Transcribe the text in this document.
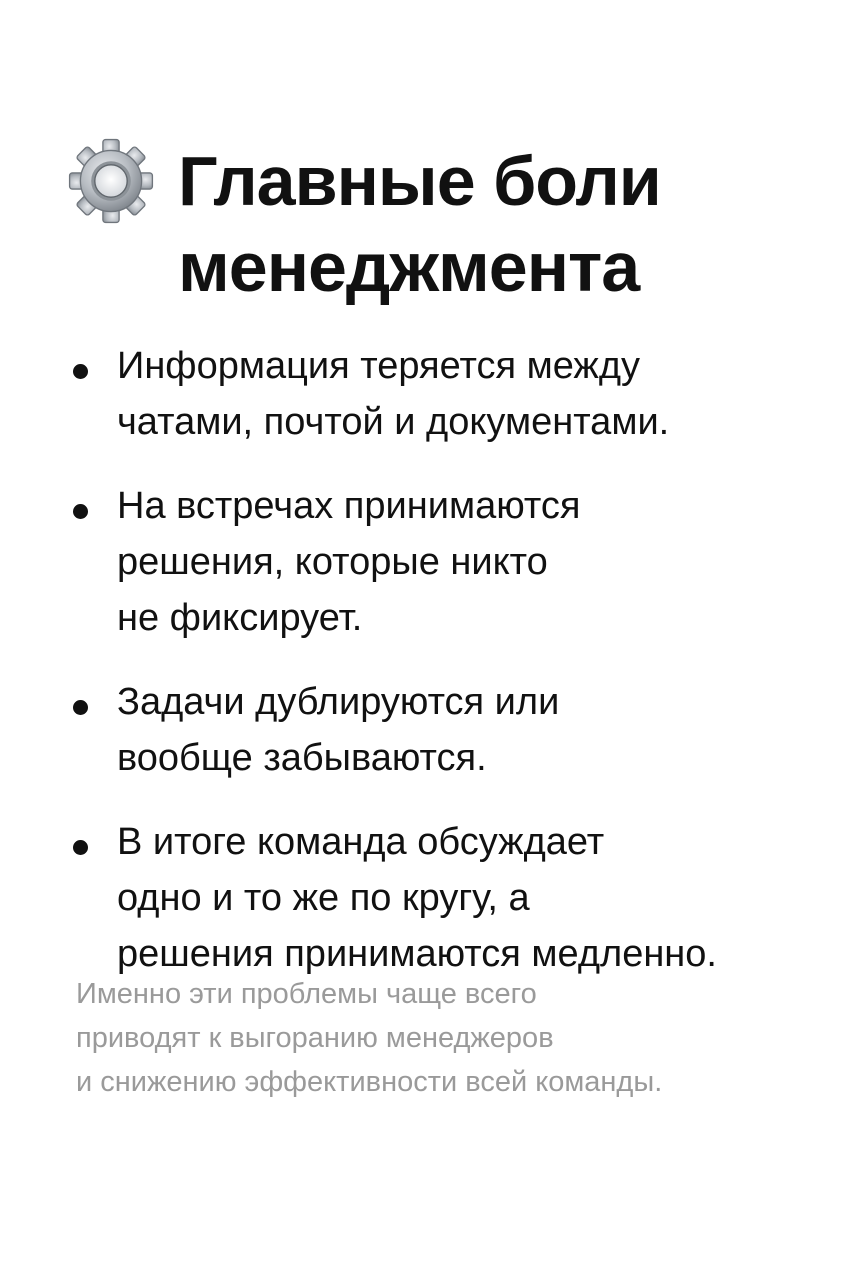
Главные боли
менеджмента
Информация теряется между
чатами, почтой и документами.
На встречах принимаются
решения, которые никто
не фиксирует.
Задачи дублируются или
вообще забываются.
В итоге команда обсуждает
одно и то же по кругу, а
решения принимаются медленно.

Именно эти проблемы чаще всего
приводят к выгоранию менеджеров
и снижению эффективности всей команды.
